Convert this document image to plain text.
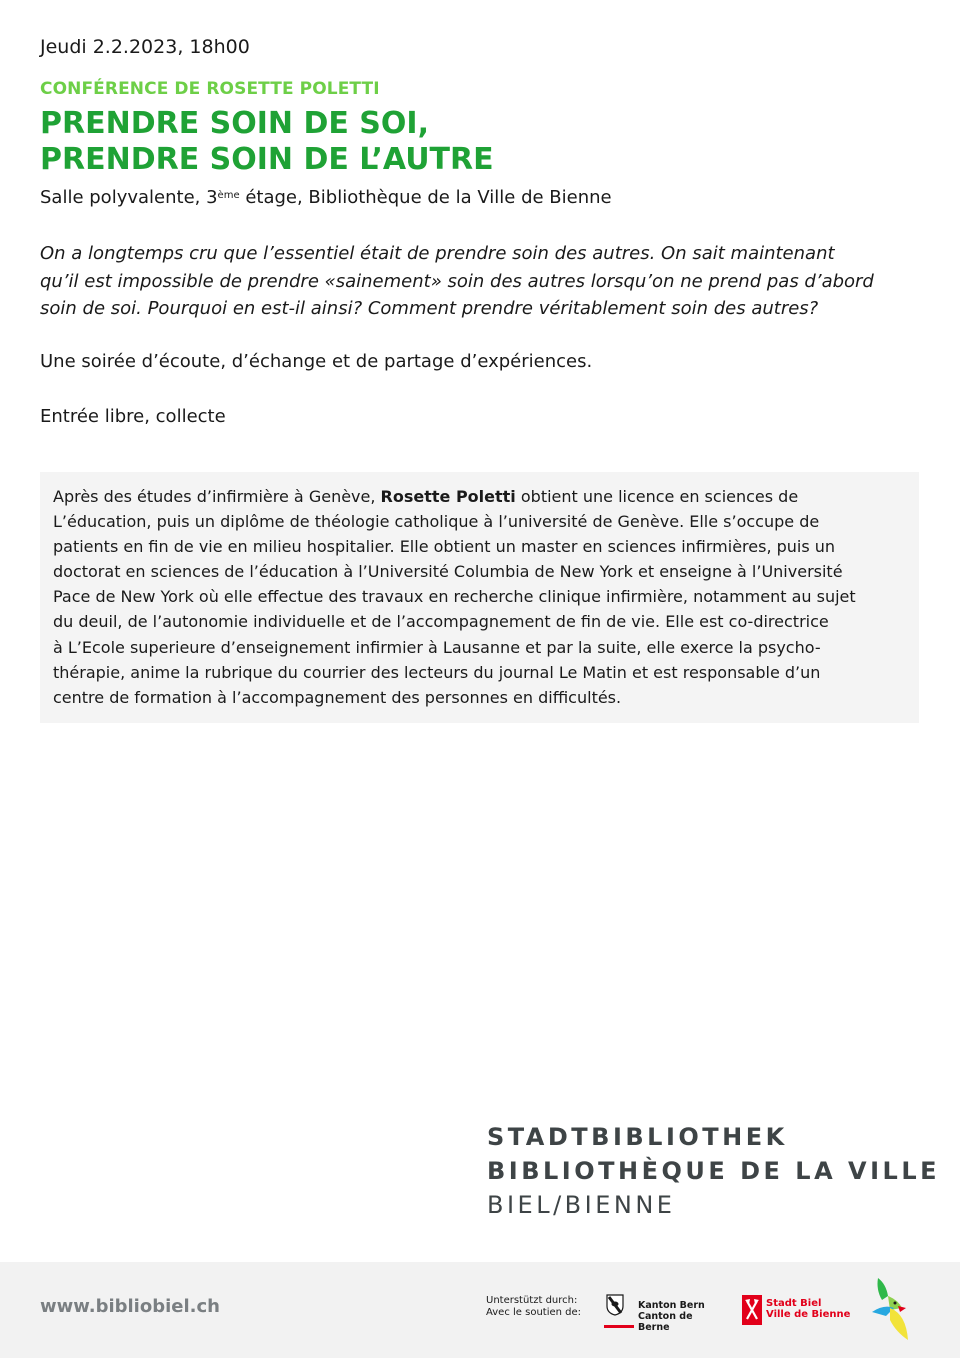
Jeudi 2.2.2023, 18h00
CONFÉRENCE DE ROSETTE POLETTI
PRENDRE SOIN DE SOI,
PRENDRE SOIN DE L’AUTRE
Salle polyvalente, 3ème étage, Bibliothèque de la Ville de Bienne

On a longtemps cru que l’essentiel était de prendre soin des autres. On sait maintenant
qu’il est impossible de prendre «sainement» soin des autres lorsqu’on ne prend pas d’abord
soin de soi. Pourquoi en est-il ainsi? Comment prendre véritablement soin des autres?

Une soirée d’écoute, d’échange et de partage d’expériences.
Entrée libre, collecte

Après des études d’infirmière à Genève, Rosette Poletti obtient une licence en sciences de
L’éducation, puis un diplôme de théologie catholique à l’université de Genève. Elle s’occupe de
patients en fin de vie en milieu hospitalier. Elle obtient un master en sciences infirmières, puis un
doctorat en sciences de l’éducation à l’Université Columbia de New York et enseigne à l’Université
Pace de New York où elle effectue des travaux en recherche clinique infirmière, notamment au sujet
du deuil, de l’autonomie individuelle et de l’accompagnement de fin de vie. Elle est co-directrice
à L’Ecole superieure d’enseignement infirmier à Lausanne et par la suite, elle exerce la psycho-
thérapie, anime la rubrique du courrier des lecteurs du journal Le Matin et est responsable d’un
centre de formation à l’accompagnement des personnes en difficultés.

STADTBIBLIOTHEK
BIBLIOTHÈQUE DE LA VILLE
BIEL/BIENNE
www.bibliobiel.ch	Unterstützt durch:
Avec le soutien de:
Kanton Bern
Canton de Berne
Stadt Biel
Ville de Bienne
